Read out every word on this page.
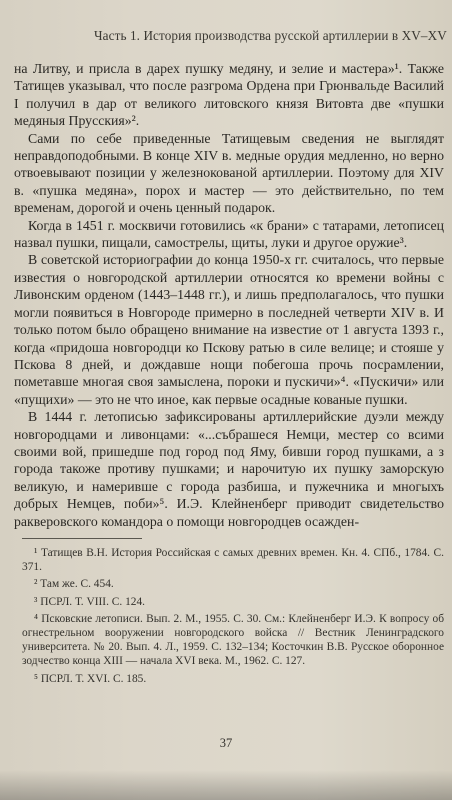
Часть 1. История производства русской артиллерии в XV–XV

на Литву, и присла в дарех пушку медяну, и зелие и мастера»¹. Также Татищев указывал, что после разгрома Ордена при Грюнвальде Василий I получил в дар от великого литовского князя Витовта две «пушки медяныя Прусския»².

Сами по себе приведенные Татищевым сведения не выглядят неправдоподобными. В конце XIV в. медные орудия медленно, но верно отвоевывают позиции у железнокованой артиллерии. Поэтому для XIV в. «пушка медяна», порох и мастер — это действительно, по тем временам, дорогой и очень ценный подарок.

Когда в 1451 г. москвичи готовились «к брани» с татарами, летописец назвал пушки, пищали, самострелы, щиты, луки и другое оружие³.

В советской историографии до конца 1950-х гг. считалось, что первые известия о новгородской артиллерии относятся ко времени войны с Ливонским орденом (1443–1448 гг.), и лишь предполагалось, что пушки могли появиться в Новгороде примерно в последней четверти XIV в. И только потом было обращено внимание на известие от 1 августа 1393 г., когда «придоша новгородци ко Пскову ратью в силе велице; и стояше у Пскова 8 дней, и дождавше нощи побегоша прочь посрамлении, пометавше многая своя замыслена, пороки и пускичи»⁴. «Пускичи» или «пущихи» — это не что иное, как первые осадные кованые пушки.

В 1444 г. летописью зафиксированы артиллерийские дуэли между новгородцами и ливонцами: «...събрашеся Немци, местер со всими своими вой, пришедше под город под Яму, бивши город пушками, а з города такоже противу пушками; и нарочитую их пушку заморскую великую, и намеривше с города разбиша, и пужечника и многыхъ добрых Немцев, поби»⁵. И.Э. Клейненберг приводит свидетельство ракверовского командора о помощи новгородцев осажден-

¹ Татищев В.Н. История Российская с самых древних времен. Кн. 4. СПб., 1784. С. 371.

² Там же. С. 454.

³ ПСРЛ. Т. VIII. С. 124.

⁴ Псковские летописи. Вып. 2. М., 1955. С. 30. См.: Клейненберг И.Э. К вопросу об огнестрельном вооружении новгородского войска // Вестник Ленинградского университета. № 20. Вып. 4. Л., 1959. С. 132–134; Косточкин В.В. Русское оборонное зодчество конца XIII — начала XVI века. М., 1962. С. 127.

⁵ ПСРЛ. Т. XVI. С. 185.

37
